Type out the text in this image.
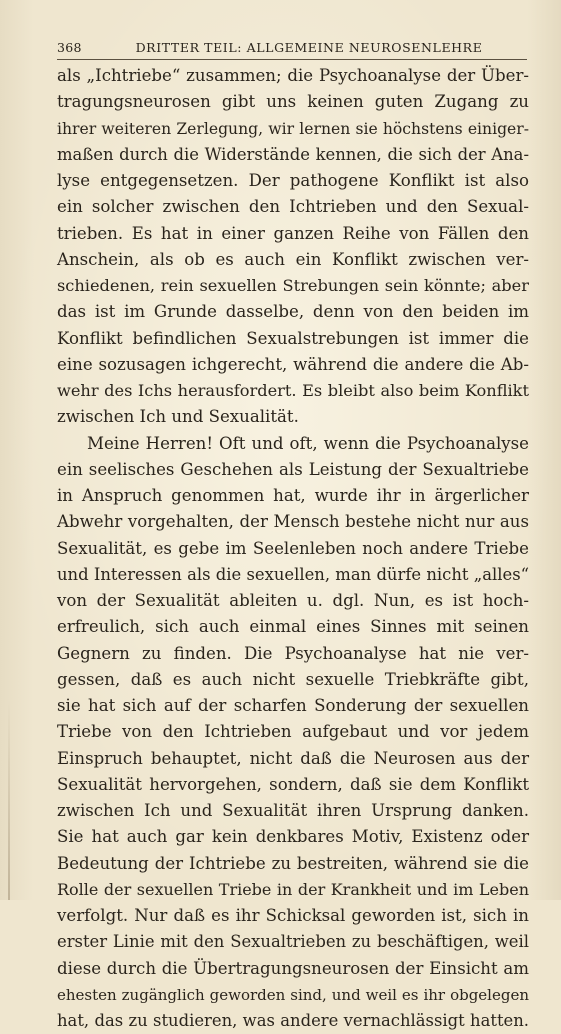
368	DRITTER TEIL: ALLGEMEINE NEUROSENLEHRE
als „Ichtriebe“ zusammen; die Psychoanalyse der Über-
tragungsneurosen gibt uns keinen guten Zugang zu
ihrer weiteren Zerlegung, wir lernen sie höchstens einiger-
maßen durch die Widerstände kennen, die sich der Ana-
lyse entgegensetzen. Der pathogene Konflikt ist also
ein solcher zwischen den Ichtrieben und den Sexual-
trieben. Es hat in einer ganzen Reihe von Fällen den
Anschein, als ob es auch ein Konflikt zwischen ver-
schiedenen, rein sexuellen Strebungen sein könnte; aber
das ist im Grunde dasselbe, denn von den beiden im
Konflikt befindlichen Sexualstrebungen ist immer die
eine sozusagen ichgerecht, während die andere die Ab-
wehr des Ichs herausfordert. Es bleibt also beim Konflikt
zwischen Ich und Sexualität.
Meine Herren! Oft und oft, wenn die Psychoanalyse
ein seelisches Geschehen als Leistung der Sexualtriebe
in Anspruch genommen hat, wurde ihr in ärgerlicher
Abwehr vorgehalten, der Mensch bestehe nicht nur aus
Sexualität, es gebe im Seelenleben noch andere Triebe
und Interessen als die sexuellen, man dürfe nicht „alles“
von der Sexualität ableiten u. dgl. Nun, es ist hoch-
erfreulich, sich auch einmal eines Sinnes mit seinen
Gegnern zu finden. Die Psychoanalyse hat nie ver-
gessen, daß es auch nicht sexuelle Triebkräfte gibt,
sie hat sich auf der scharfen Sonderung der sexuellen
Triebe von den Ichtrieben aufgebaut und vor jedem
Einspruch behauptet, nicht daß die Neurosen aus der
Sexualität hervorgehen, sondern, daß sie dem Konflikt
zwischen Ich und Sexualität ihren Ursprung danken.
Sie hat auch gar kein denkbares Motiv, Existenz oder
Bedeutung der Ichtriebe zu bestreiten, während sie die
Rolle der sexuellen Triebe in der Krankheit und im Leben
verfolgt. Nur daß es ihr Schicksal geworden ist, sich in
erster Linie mit den Sexualtrieben zu beschäftigen, weil
diese durch die Übertragungsneurosen der Einsicht am
ehesten zugänglich geworden sind, und weil es ihr obgelegen
hat, das zu studieren, was andere vernachlässigt hatten.
